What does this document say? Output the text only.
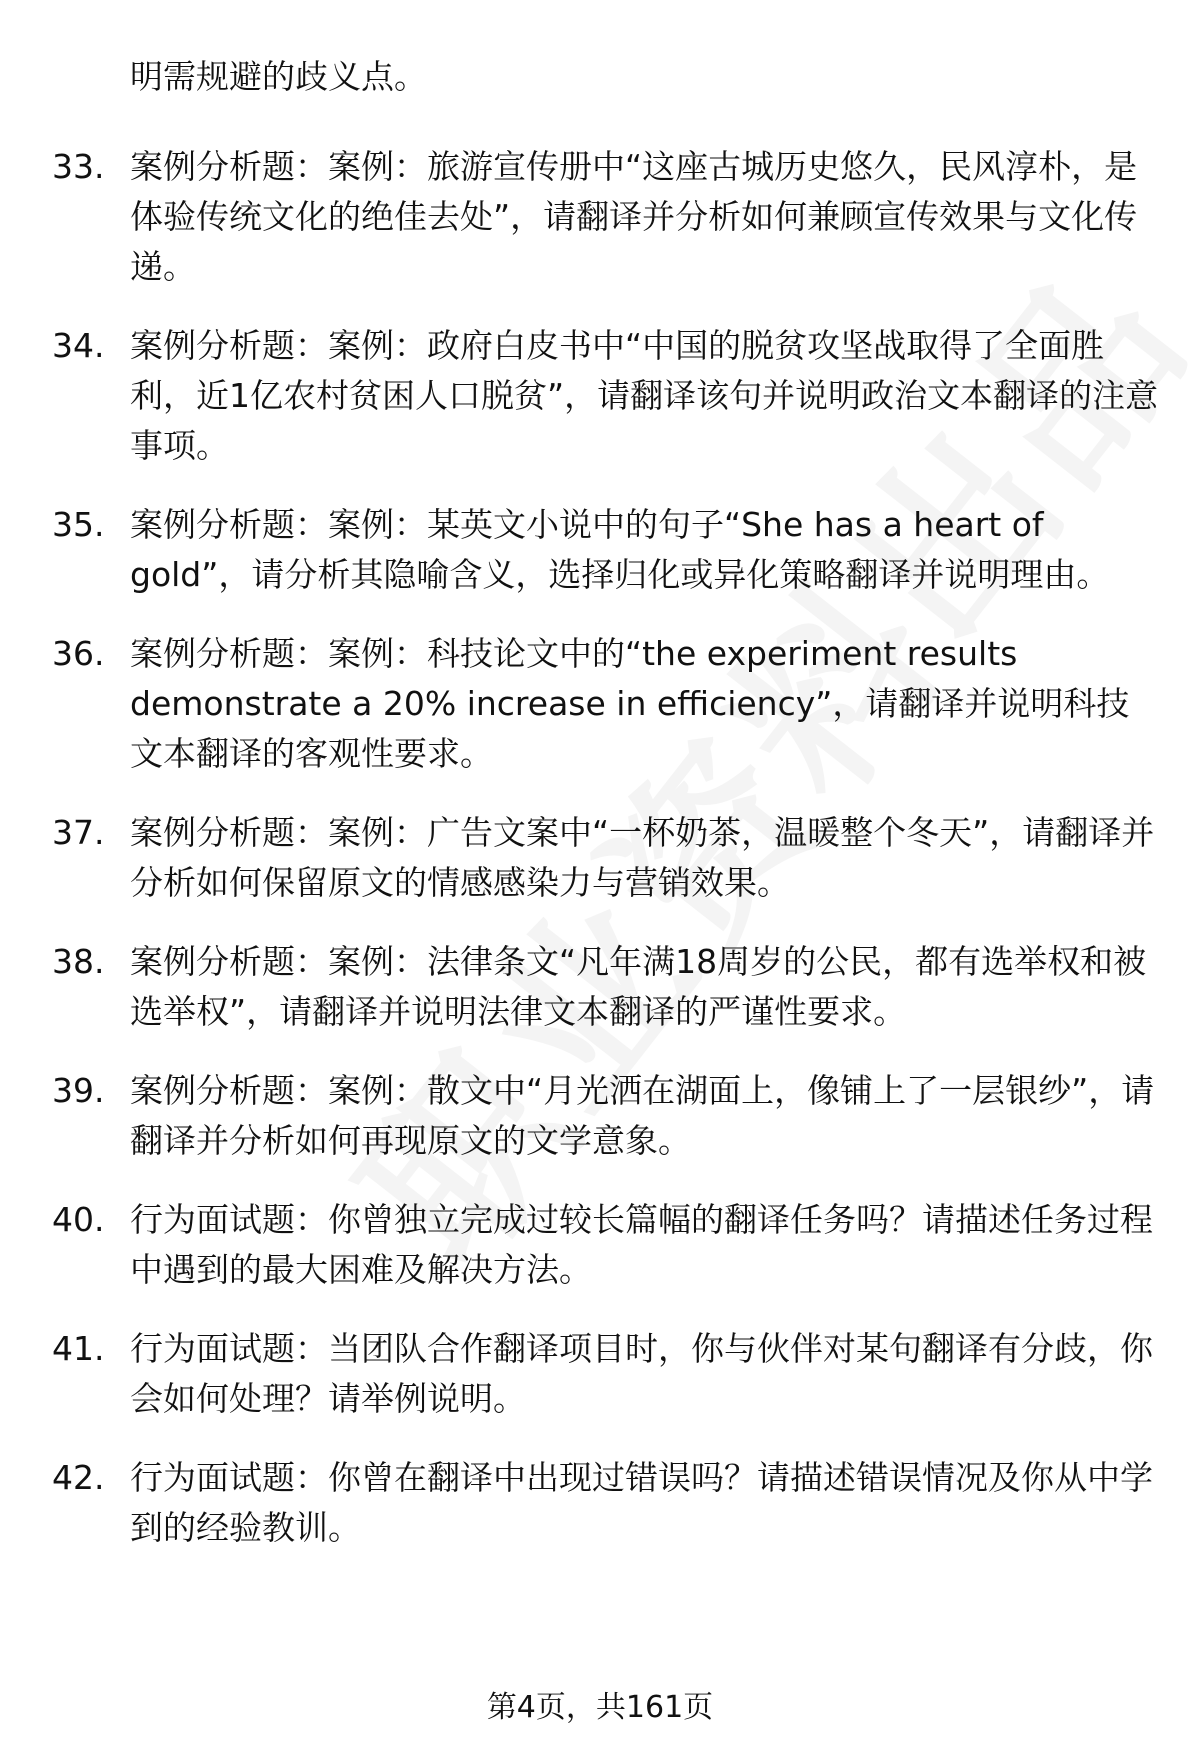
明需规避的歧义点。
33. 案例分析题：案例：旅游宣传册中“这座古城历史悠久，民风淳朴，是体验传统文化的绝佳去处”，请翻译并分析如何兼顾宣传效果与文化传递。
34. 案例分析题：案例：政府白皮书中“中国的脱贫攻坚战取得了全面胜利，近1亿农村贫困人口脱贫”，请翻译该句并说明政治文本翻译的注意事项。
35. 案例分析题：案例：某英文小说中的句子“She has a heart of gold”，请分析其隐喻含义，选择归化或异化策略翻译并说明理由。
36. 案例分析题：案例：科技论文中的“the experiment results demonstrate a 20% increase in efficiency”，请翻译并说明科技文本翻译的客观性要求。
37. 案例分析题：案例：广告文案中“一杯奶茶，温暖整个冬天”，请翻译并分析如何保留原文的情感感染力与营销效果。
38. 案例分析题：案例：法律条文“凡年满18周岁的公民，都有选举权和被选举权”，请翻译并说明法律文本翻译的严谨性要求。
39. 案例分析题：案例：散文中“月光洒在湖面上，像铺上了一层银纱”，请翻译并分析如何再现原文的文学意象。
40. 行为面试题：你曾独立完成过较长篇幅的翻译任务吗？请描述任务过程中遇到的最大困难及解决方法。
41. 行为面试题：当团队合作翻译项目时，你与伙伴对某句翻译有分歧，你会如何处理？请举例说明。
42. 行为面试题：你曾在翻译中出现过错误吗？请描述错误情况及你从中学到的经验教训。
第4页，共161页
